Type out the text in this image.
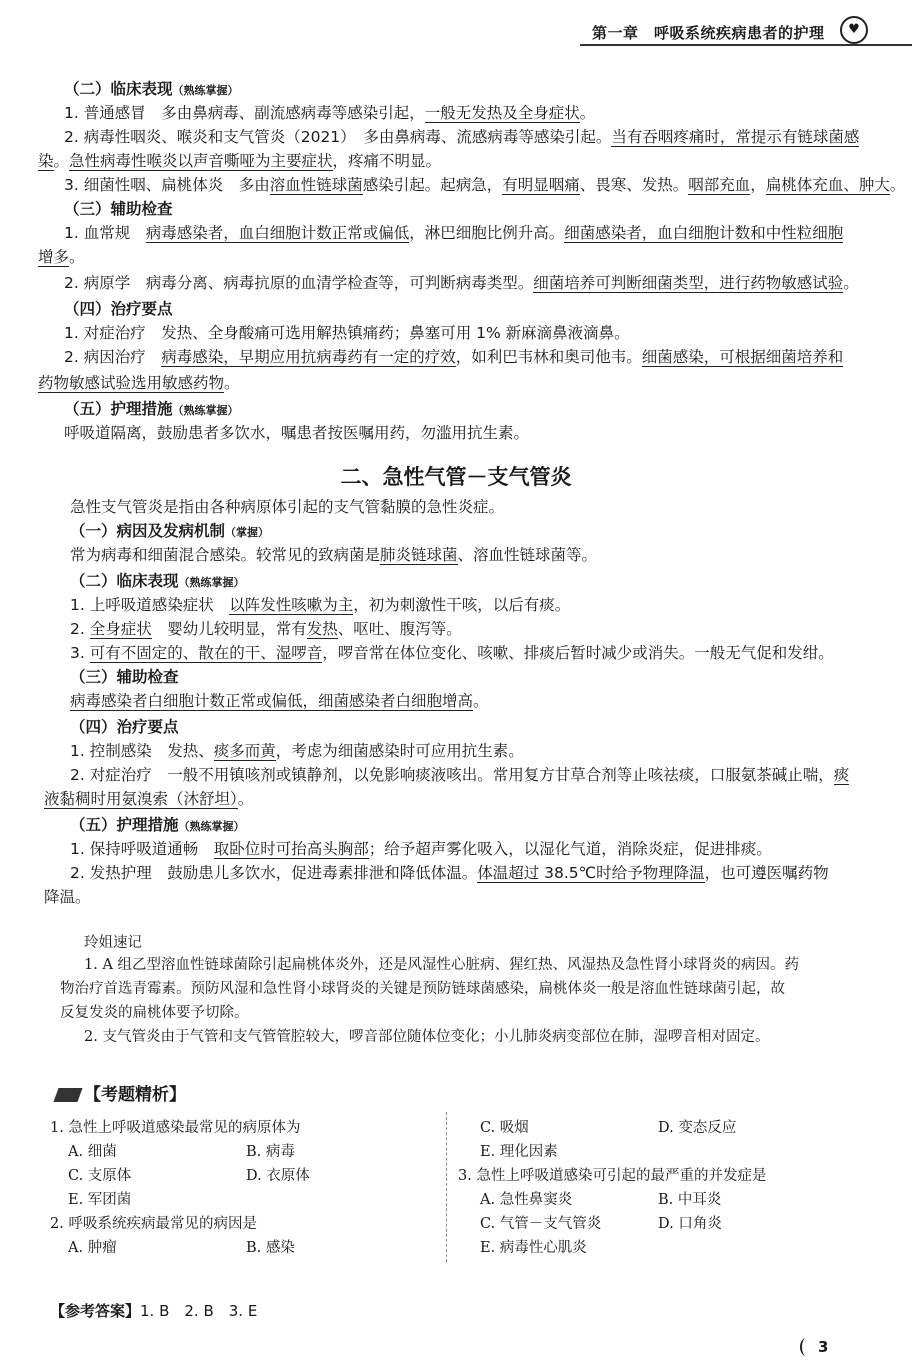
第一章　 呼吸系统疾病患者的护理	♥
（二）临床表现（熟练掌握）
1. 普通感冒　多由鼻病毒、副流感病毒等感染引起，一般无发热及全身症状。
2. 病毒性咽炎、喉炎和支气管炎（2021）　多由鼻病毒、流感病毒等感染引起。当有吞咽疼痛时，常提示有链球菌感
染。急性病毒性喉炎以声音嘶哑为主要症状，疼痛不明显。
3. 细菌性咽、扁桃体炎　多由溶血性链球菌感染引起。起病急，有明显咽痛、畏寒、发热。咽部充血，扁桃体充血、肿大。
（三）辅助检查
1. 血常规　病毒感染者，血白细胞计数正常或偏低，淋巴细胞比例升高。细菌感染者，血白细胞计数和中性粒细胞
增多。
2. 病原学　病毒分离、病毒抗原的血清学检查等，可判断病毒类型。细菌培养可判断细菌类型，进行药物敏感试验。
（四）治疗要点
1. 对症治疗　发热、全身酸痛可选用解热镇痛药；鼻塞可用 1% 新麻滴鼻液滴鼻。
2. 病因治疗　病毒感染，早期应用抗病毒药有一定的疗效，如利巴韦林和奥司他韦。细菌感染，可根据细菌培养和
药物敏感试验选用敏感药物。
（五）护理措施（熟练掌握）
呼吸道隔离，鼓励患者多饮水，嘱患者按医嘱用药，勿滥用抗生素。
二、急性气管－支气管炎
急性支气管炎是指由各种病原体引起的支气管黏膜的急性炎症。
（一）病因及发病机制（掌握）
常为病毒和细菌混合感染。较常见的致病菌是肺炎链球菌、溶血性链球菌等。
（二）临床表现（熟练掌握）
1. 上呼吸道感染症状　以阵发性咳嗽为主，初为刺激性干咳，以后有痰。
2. 全身症状　婴幼儿较明显，常有发热、呕吐、腹泻等。
3. 可有不固定的、散在的干、湿啰音，啰音常在体位变化、咳嗽、排痰后暂时减少或消失。一般无气促和发绀。
（三）辅助检查
病毒感染者白细胞计数正常或偏低，细菌感染者白细胞增高。
（四）治疗要点
1. 控制感染　发热、痰多而黄，考虑为细菌感染时可应用抗生素。
2. 对症治疗　一般不用镇咳剂或镇静剂，以免影响痰液咳出。常用复方甘草合剂等止咳祛痰，口服氨茶碱止喘，痰
液黏稠时用氨溴索（沐舒坦）。
（五）护理措施（熟练掌握）
1. 保持呼吸道通畅　取卧位时可抬高头胸部；给予超声雾化吸入，以湿化气道，消除炎症，促进排痰。
2. 发热护理　鼓励患儿多饮水，促进毒素排泄和降低体温。体温超过 38.5℃时给予物理降温，也可遵医嘱药物
降温。
玲姐速记
1. A 组乙型溶血性链球菌除引起扁桃体炎外，还是风湿性心脏病、猩红热、风湿热及急性肾小球肾炎的病因。药
物治疗首选青霉素。预防风湿和急性肾小球肾炎的关键是预防链球菌感染，扁桃体炎一般是溶血性链球菌引起，故
反复发炎的扁桃体要予切除。
2. 支气管炎由于气管和支气管管腔较大，啰音部位随体位变化；小儿肺炎病变部位在肺，湿啰音相对固定。
【考题精析】
1. 急性上呼吸道感染最常见的病原体为
A. 细菌	B. 病毒
C. 支原体	D. 衣原体
E. 军团菌
2. 呼吸系统疾病最常见的病因是
A. 肿瘤	B. 感染
C. 吸烟	D. 变态反应
E. 理化因素
3. 急性上呼吸道感染可引起的最严重的并发症是
A. 急性鼻窦炎	B. 中耳炎
C. 气管－支气管炎	D. 口角炎
E. 病毒性心肌炎
【参考答案】1. B　2. B　3. E
3
